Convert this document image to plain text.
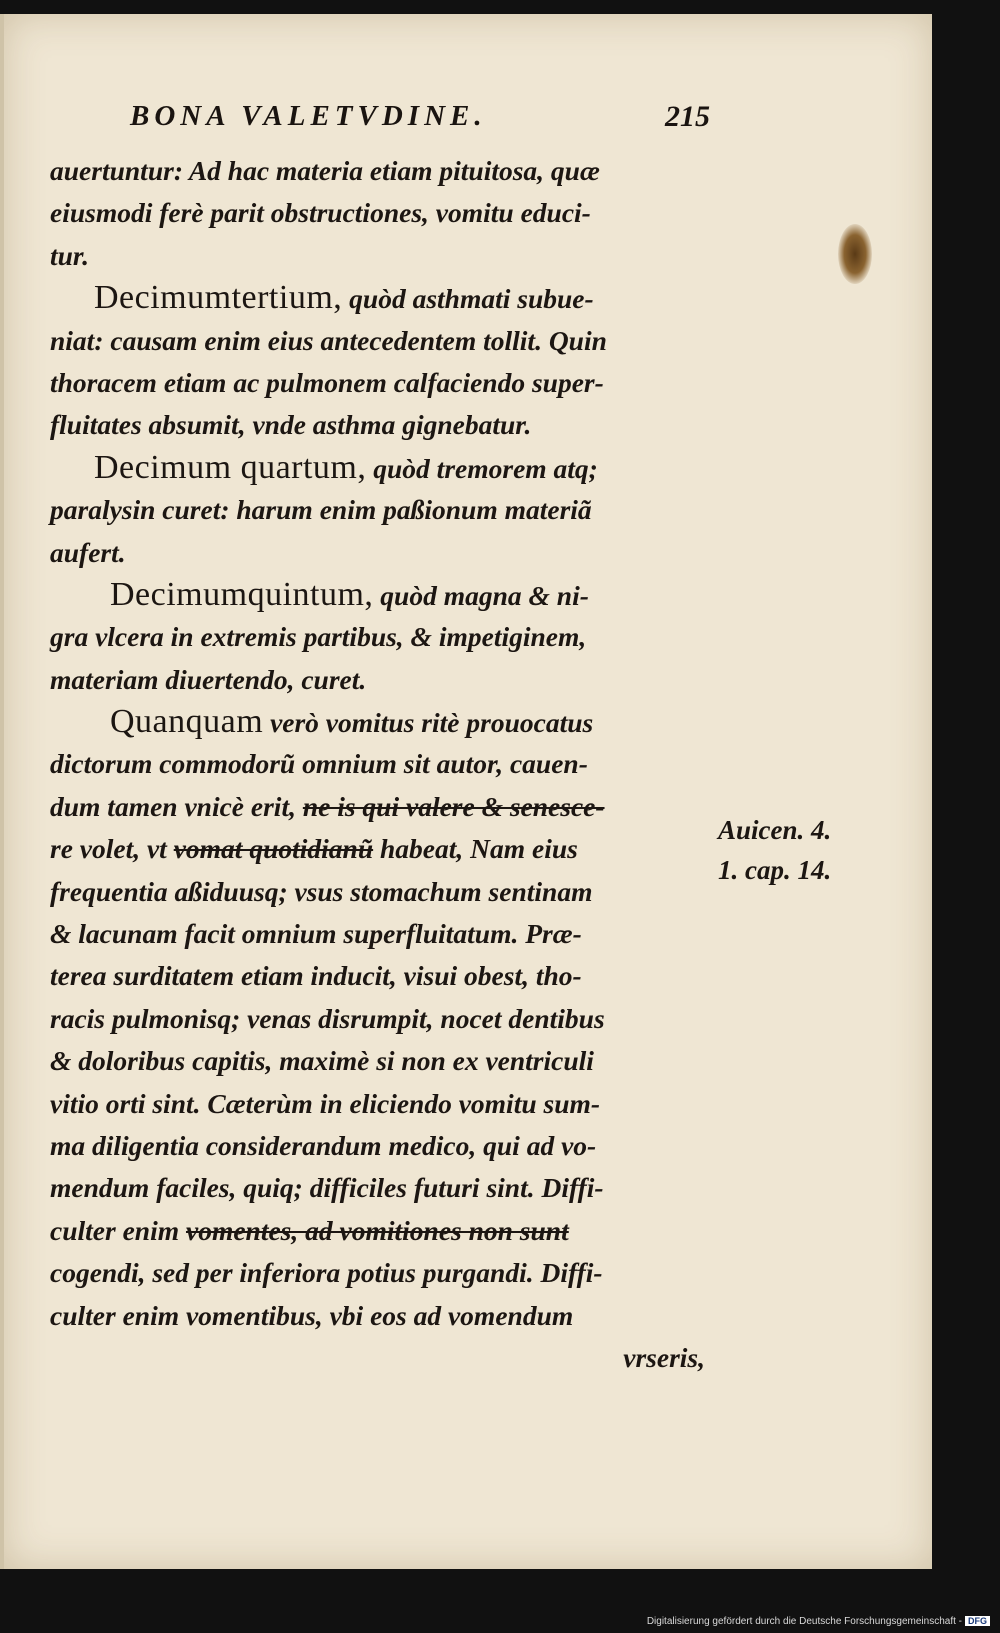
BONA VALETVDINE.	215
auertuntur: Ad hac materia etiam pituitosa, quæ
eiusmodi ferè parit obstructiones, vomitu educi-
tur.
Decimumtertium, quòd asthmati subue-
niat: causam enim eius antecedentem tollit. Quin
thoracem etiam ac pulmonem calfaciendo super-
fluitates absumit, vnde asthma gignebatur.
Decimum quartum, quòd tremorem atq;
paralysin curet: harum enim paßionum materiã
aufert.
Decimumquintum, quòd magna & ni-
gra vlcera in extremis partibus, & impetiginem,
materiam diuertendo, curet.
Quanquam verò vomitus ritè prouocatus
dictorum commodorũ omnium sit autor, cauen-
dum tamen vnicè erit, ne is qui valere & senesce-
re volet, vt vomat quotidianũ habeat, Nam eius
frequentia aßiduusq; vsus stomachum sentinam
& lacunam facit omnium superfluitatum. Præ-
terea surditatem etiam inducit, visui obest, tho-
racis pulmonisq; venas disrumpit, nocet dentibus
& doloribus capitis, maximè si non ex ventriculi
vitio orti sint. Cæterùm in eliciendo vomitu sum-
ma diligentia considerandum medico, qui ad vo-
mendum faciles, quiq; difficiles futuri sint. Diffi-
culter enim vomentes, ad vomitiones non sunt
cogendi, sed per inferiora potius purgandi. Diffi-
culter enim vomentibus, vbi eos ad vomendum
vrseris,
Auicen. 4.
1. cap. 14.
Digitalisierung gefördert durch die Deutsche Forschungsgemeinschaft - DFG
